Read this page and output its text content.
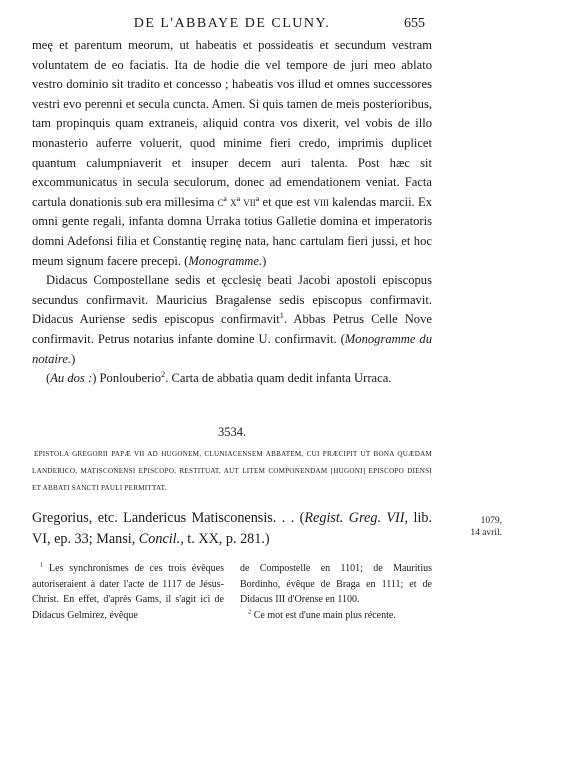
DE L'ABBAYE DE CLUNY.	655

meę et parentum meorum, ut habeatis et possideatis et secundum vestram voluntatem de eo faciatis. Ita de hodie die vel tempore de juri meo ablato vestro dominio sit tradito et concesso ; habeatis vos illud et omnes successores vestri evo perenni et secula cuncta. Amen. Si quis tamen de meis posterioribus, tam propinquis quam extraneis, aliquid contra vos dixerit, vel vobis de illo monasterio auferre voluerit, quod minime fieri credo, imprimis duplicet quantum calumpniaverit et insuper decem auri talenta. Post hæc sit excommunicatus in secula seculorum, donec ad emendationem veniat. Facta cartula donationis sub era millesima cª xª viiª et que est viii kalendas marcii. Ex omni gente regali, infanta domna Urraka totius Galletie domina et imperatoris domni Adefonsi filia et Constantię reginę nata, hanc cartulam fieri jussi, et hoc meum signum facere precepi. (Monogramme.)

Didacus Compostellane sedis et ęcclesię beati Jacobi apostoli episcopus secundus confirmavit. Mauricius Bragalense sedis episcopus confirmavit. Didacus Auriense sedis episcopus confirmavit$^1$. Abbas Petrus Celle Nove confirmavit. Petrus notarius infante domine U. confirmavit. (Monogramme du notaire.)

(Au dos :) Ponlouberio$^2$. Carta de abbatia quam dedit infanta Urraca.

3534.

EPISTOLA GREGORII PAPÆ VII AD HUGONEM, CLUNIACENSEM ABBATEM, CUI PRÆCIPIT UT BONA QUÆDAM LANDERICO, MATISCONENSI EPISCOPO, RESTITUAT, AUT LITEM COMPONENDAM [HUGONI] EPISCOPO DIENSI ET ABBATI SANCTI PAULI PERMITTAT.

Gregorius, etc. Landericus Matisconensis. . . (Regist. Greg. VII, lib. VI, ep. 33; Mansi, Concil., t. XX, p. 281.)

1079,
14 avril.

$^1$ Les synchronismes de ces trois évêques autoriseraient à dater l'acte de 1117 de Jésus-Christ. En effet, d'après Gams, il s'agit ici de Didacus Gelmirez, évêque

de Compostelle en 1101; de Mauritius Bordinho, évêque de Braga en 1111; et de Didacus III d'Orense en 1100.

$^2$ Ce mot est d'une main plus récente.
